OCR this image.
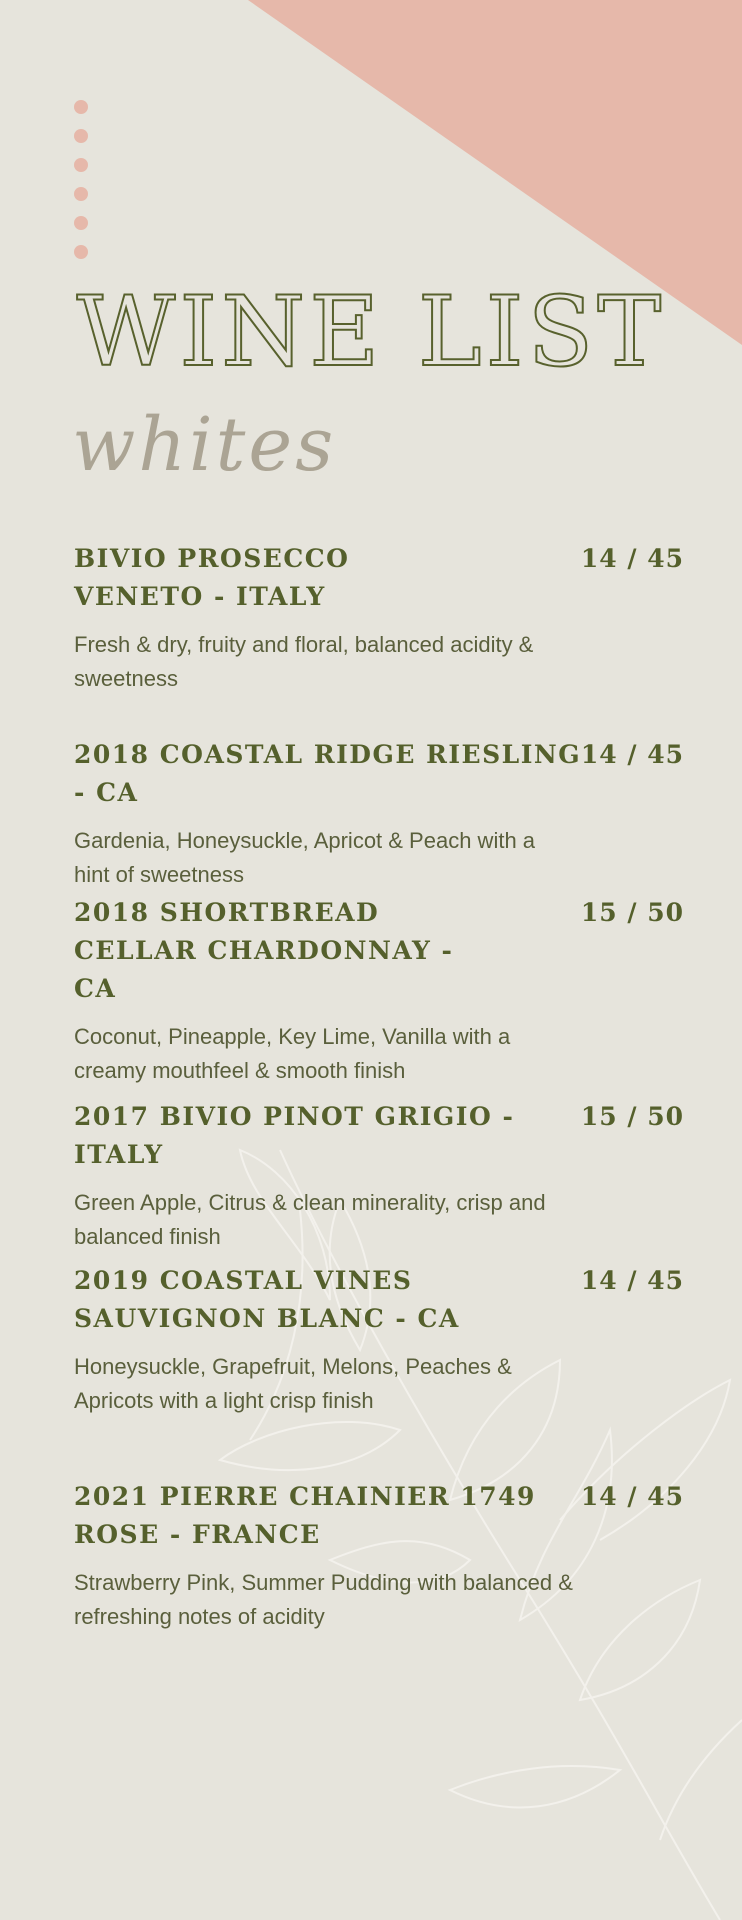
WINE LIST
whites
BIVIO PROSECCO VENETO - ITALY
14 / 45
Fresh & dry, fruity and floral, balanced acidity & sweetness
2018 COASTAL RIDGE RIESLING - CA
14 / 45
Gardenia, Honeysuckle, Apricot & Peach with a hint of sweetness
2018 SHORTBREAD CELLAR CHARDONNAY - CA
15 / 50
Coconut, Pineapple, Key Lime, Vanilla with a creamy mouthfeel & smooth finish
2017 BIVIO PINOT GRIGIO - ITALY
15 / 50
Green Apple, Citrus & clean minerality, crisp and balanced finish
2019 COASTAL VINES SAUVIGNON BLANC - CA
14 / 45
Honeysuckle, Grapefruit, Melons, Peaches & Apricots with a light crisp finish
2021 PIERRE CHAINIER 1749 ROSE - FRANCE
14 / 45
Strawberry Pink, Summer Pudding with balanced & refreshing notes of acidity
